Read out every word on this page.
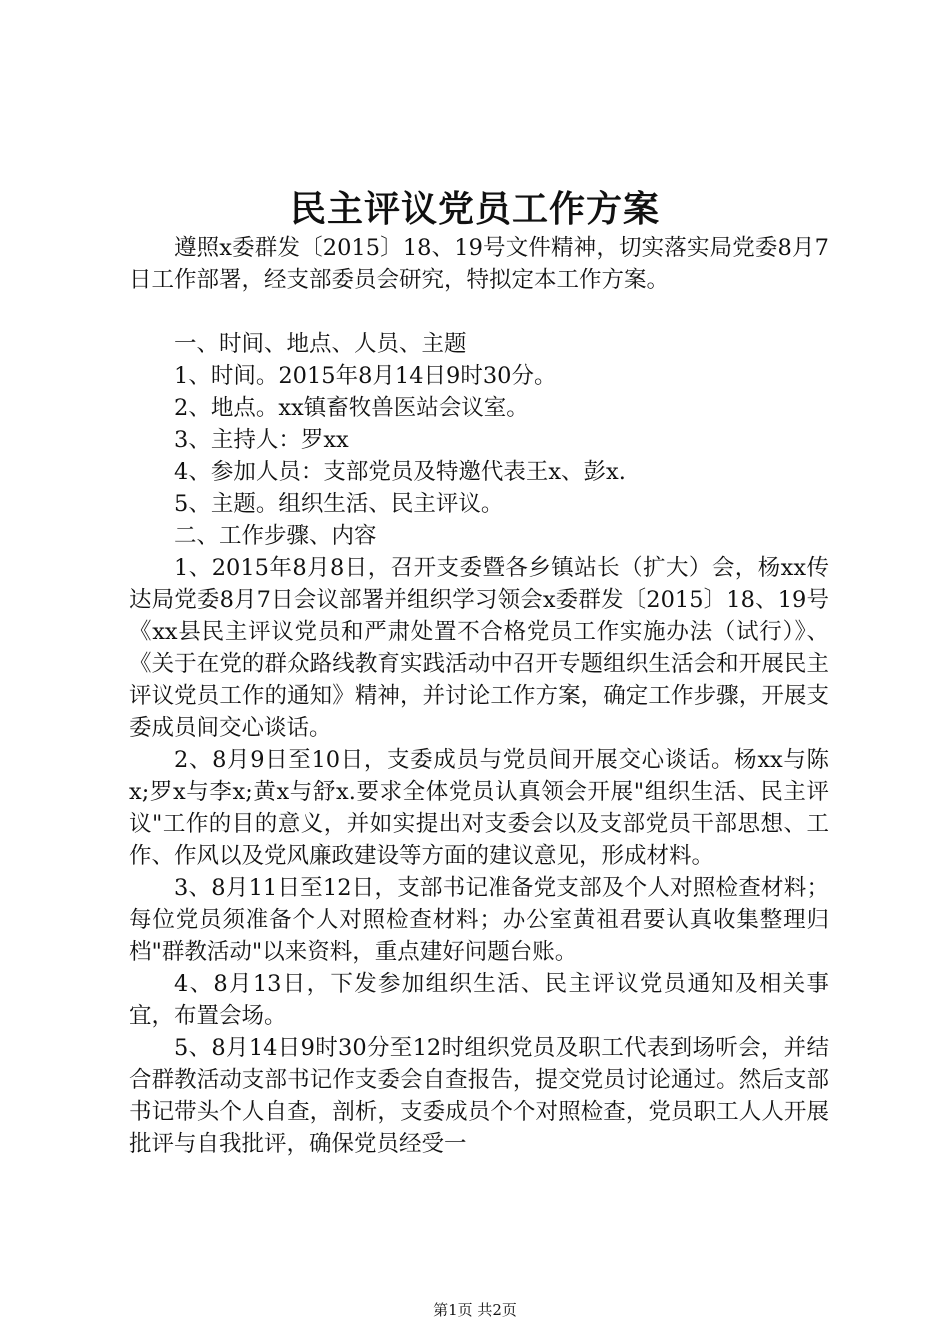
民主评议党员工作方案

遵照x委群发〔2015〕18、19号文件精神，切实落实局党委8月7日工作部署，经支部委员会研究，特拟定本工作方案。

一、时间、地点、人员、主题

1、时间。2015年8月14日9时30分。

2、地点。xx镇畜牧兽医站会议室。

3、主持人：罗xx

4、参加人员：支部党员及特邀代表王x、彭x.

5、主题。组织生活、民主评议。

二、工作步骤、内容

1、2015年8月8日，召开支委暨各乡镇站长（扩大）会，杨xx传达局党委8月7日会议部署并组织学习领会x委群发〔2015〕18、19号《xx县民主评议党员和严肃处置不合格党员工作实施办法（试行）》、《关于在党的群众路线教育实践活动中召开专题组织生活会和开展民主评议党员工作的通知》精神，并讨论工作方案，确定工作步骤，开展支委成员间交心谈话。

2、8月9日至10日，支委成员与党员间开展交心谈话。杨xx与陈x;罗x与李x;黄x与舒x.要求全体党员认真领会开展"组织生活、民主评议"工作的目的意义，并如实提出对支委会以及支部党员干部思想、工作、作风以及党风廉政建设等方面的建议意见，形成材料。

3、8月11日至12日，支部书记准备党支部及个人对照检查材料；每位党员须准备个人对照检查材料；办公室黄祖君要认真收集整理归档"群教活动"以来资料，重点建好问题台账。

4、8月13日，下发参加组织生活、民主评议党员通知及相关事宜，布置会场。

5、8月14日9时30分至12时组织党员及职工代表到场听会，并结合群教活动支部书记作支委会自查报告，提交党员讨论通过。然后支部书记带头个人自查，剖析，支委成员个个对照检查，党员职工人人开展批评与自我批评，确保党员经受一

第1页 共2页
